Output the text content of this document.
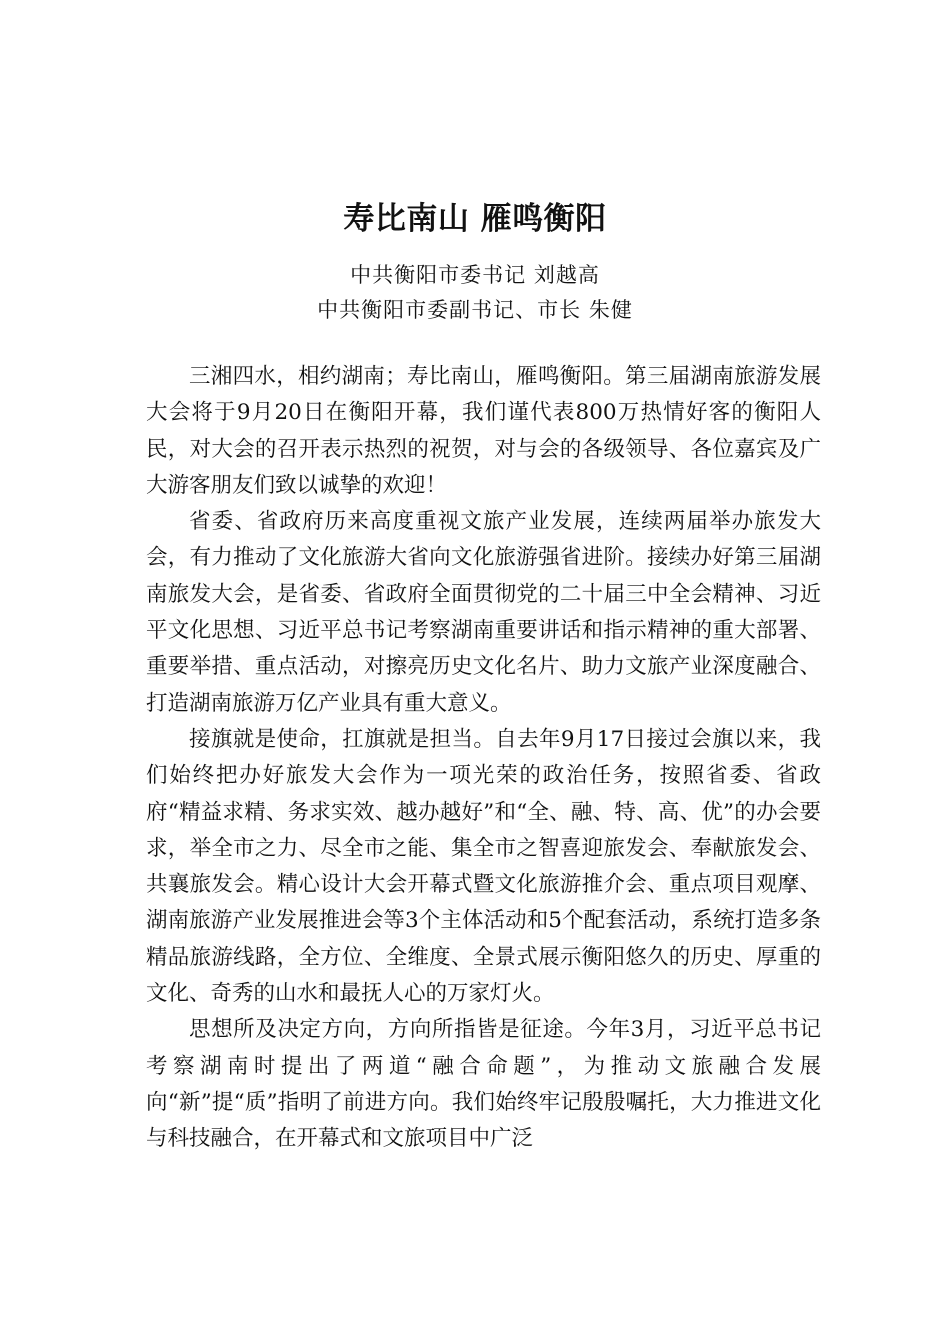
寿比南山 雁鸣衡阳

中共衡阳市委书记 刘越高

中共衡阳市委副书记、市长 朱健

三湘四水，相约湖南；寿比南山，雁鸣衡阳。第三届湖南旅游发展大会将于9月20日在衡阳开幕，我们谨代表800万热情好客的衡阳人民，对大会的召开表示热烈的祝贺，对与会的各级领导、各位嘉宾及广大游客朋友们致以诚挚的欢迎！

省委、省政府历来高度重视文旅产业发展，连续两届举办旅发大会，有力推动了文化旅游大省向文化旅游强省进阶。接续办好第三届湖南旅发大会，是省委、省政府全面贯彻党的二十届三中全会精神、习近平文化思想、习近平总书记考察湖南重要讲话和指示精神的重大部署、重要举措、重点活动，对擦亮历史文化名片、助力文旅产业深度融合、打造湖南旅游万亿产业具有重大意义。

接旗就是使命，扛旗就是担当。自去年9月17日接过会旗以来，我们始终把办好旅发大会作为一项光荣的政治任务，按照省委、省政府“精益求精、务求实效、越办越好”和“全、融、特、高、优”的办会要求，举全市之力、尽全市之能、集全市之智喜迎旅发会、奉献旅发会、共襄旅发会。精心设计大会开幕式暨文化旅游推介会、重点项目观摩、湖南旅游产业发展推进会等3个主体活动和5个配套活动，系统打造多条精品旅游线路，全方位、全维度、全景式展示衡阳悠久的历史、厚重的文化、奇秀的山水和最抚人心的万家灯火。

思想所及决定方向，方向所指皆是征途。今年3月，习近平总书记考察湖南时提出了两道“融合命题”，为推动文旅融合发展向“新”提“质”指明了前进方向。我们始终牢记殷殷嘱托，大力推进文化与科技融合，在开幕式和文旅项目中广泛
